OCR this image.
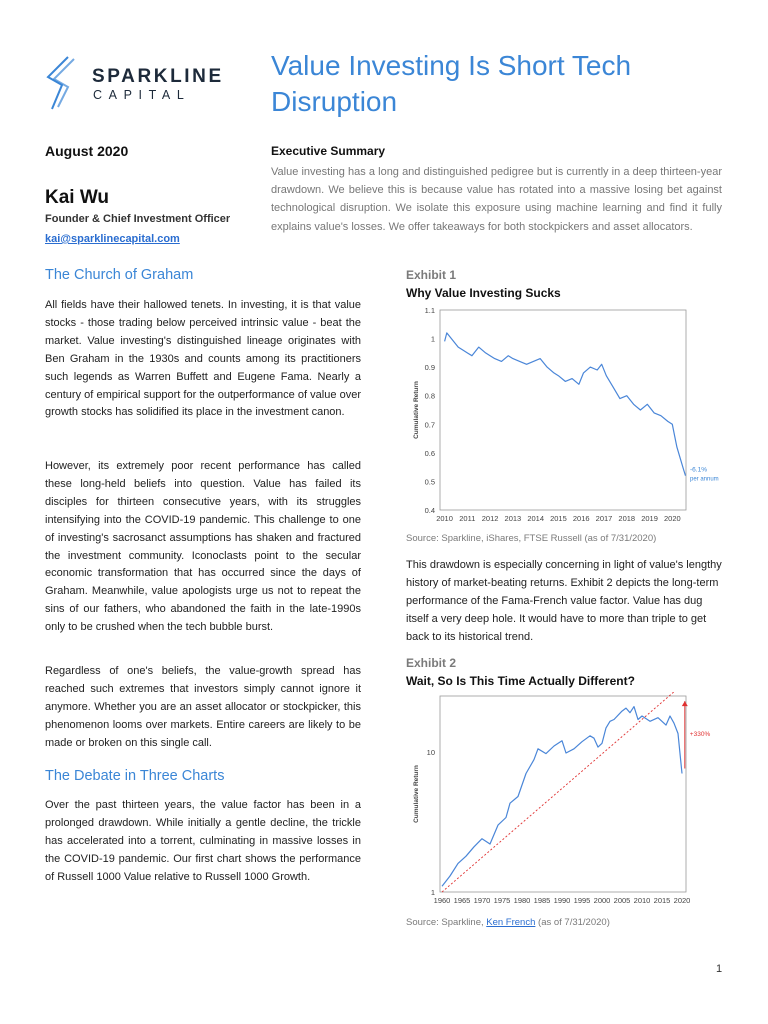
SPARKLINE
CAPITAL
Value Investing Is Short Tech Disruption
August 2020
Kai Wu
Founder & Chief Investment Officer
kai@sparklinecapital.com
Executive Summary
Value investing has a long and distinguished pedigree but is currently in a deep thirteen-year drawdown. We believe this is because value has rotated into a massive losing bet against technological disruption. We isolate this exposure using machine learning and find it fully explains value's losses. We offer takeaways for both stockpickers and asset allocators.
The Church of Graham
All fields have their hallowed tenets. In investing, it is that value stocks - those trading below perceived intrinsic value - beat the market. Value investing's distinguished lineage originates with Ben Graham in the 1930s and counts among its practitioners such legends as Warren Buffett and Eugene Fama. Nearly a century of empirical support for the outperformance of value over growth stocks has solidified its place in the investment canon.
However, its extremely poor recent performance has called these long-held beliefs into question. Value has failed its disciples for thirteen consecutive years, with its struggles intensifying into the COVID-19 pandemic. This challenge to one of investing's sacrosanct assumptions has shaken and fractured the investment community. Iconoclasts point to the secular economic transformation that has occurred since the days of Graham. Meanwhile, value apologists urge us not to repeat the sins of our fathers, who abandoned the faith in the late-1990s only to be crushed when the tech bubble burst.
Regardless of one's beliefs, the value-growth spread has reached such extremes that investors simply cannot ignore it anymore. Whether you are an asset allocator or stockpicker, this phenomenon looms over markets. Entire careers are likely to be made or broken on this single call.
The Debate in Three Charts
Over the past thirteen years, the value factor has been in a prolonged drawdown. While initially a gentle decline, the trickle has accelerated into a torrent, culminating in massive losses in the COVID-19 pandemic. Our first chart shows the performance of Russell 1000 Value relative to Russell 1000 Growth.
Exhibit 1
Why Value Investing Sucks
0.4
0.5
0.6
0.7
0.8
0.9
1
1.1
2010 2011 2012 2013 2014 2015 2016 2017 2018 2019 2020
Cumulative Return
-6.1%
per annum
Source: Sparkline, iShares, FTSE Russell (as of 7/31/2020)
This drawdown is especially concerning in light of value's lengthy history of market-beating returns. Exhibit 2 depicts the long-term performance of the Fama-French value factor. Value has dug itself a very deep hole. It would have to more than triple to get back to its historical trend.
Exhibit 2
Wait, So Is This Time Actually Different?
1
10
1960 1965 1970 1975 1980 1985 1990 1995 2000 2005 2010 2015 2020
Cumulative Return
+330%
Source: Sparkline, Ken French (as of 7/31/2020)
1
